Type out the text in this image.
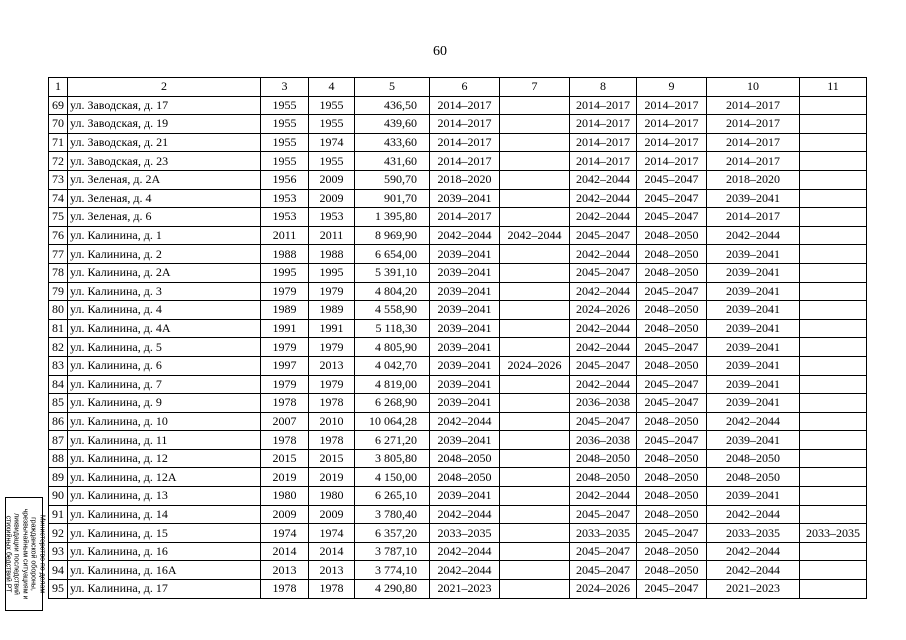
60
1	2	3	4	5	6	7	8	9	10	11
69	ул. Заводская, д. 17	1955	1955	436,50	2014–2017		2014–2017	2014–2017	2014–2017	
70	ул. Заводская, д. 19	1955	1955	439,60	2014–2017		2014–2017	2014–2017	2014–2017	
71	ул. Заводская, д. 21	1955	1974	433,60	2014–2017		2014–2017	2014–2017	2014–2017	
72	ул. Заводская, д. 23	1955	1955	431,60	2014–2017		2014–2017	2014–2017	2014–2017	
73	ул. Зеленая, д. 2А	1956	2009	590,70	2018–2020		2042–2044	2045–2047	2018–2020	
74	ул. Зеленая, д. 4	1953	2009	901,70	2039–2041		2042–2044	2045–2047	2039–2041	
75	ул. Зеленая, д. 6	1953	1953	1 395,80	2014–2017		2042–2044	2045–2047	2014–2017	
76	ул. Калинина, д. 1	2011	2011	8 969,90	2042–2044	2042–2044	2045–2047	2048–2050	2042–2044	
77	ул. Калинина, д. 2	1988	1988	6 654,00	2039–2041		2042–2044	2048–2050	2039–2041	
78	ул. Калинина, д. 2А	1995	1995	5 391,10	2039–2041		2045–2047	2048–2050	2039–2041	
79	ул. Калинина, д. 3	1979	1979	4 804,20	2039–2041		2042–2044	2045–2047	2039–2041	
80	ул. Калинина, д. 4	1989	1989	4 558,90	2039–2041		2024–2026	2048–2050	2039–2041	
81	ул. Калинина, д. 4А	1991	1991	5 118,30	2039–2041		2042–2044	2048–2050	2039–2041	
82	ул. Калинина, д. 5	1979	1979	4 805,90	2039–2041		2042–2044	2045–2047	2039–2041	
83	ул. Калинина, д. 6	1997	2013	4 042,70	2039–2041	2024–2026	2045–2047	2048–2050	2039–2041	
84	ул. Калинина, д. 7	1979	1979	4 819,00	2039–2041		2042–2044	2045–2047	2039–2041	
85	ул. Калинина, д. 9	1978	1978	6 268,90	2039–2041		2036–2038	2045–2047	2039–2041	
86	ул. Калинина, д. 10	2007	2010	10 064,28	2042–2044		2045–2047	2048–2050	2042–2044	
87	ул. Калинина, д. 11	1978	1978	6 271,20	2039–2041		2036–2038	2045–2047	2039–2041	
88	ул. Калинина, д. 12	2015	2015	3 805,80	2048–2050		2048–2050	2048–2050	2048–2050	
89	ул. Калинина, д. 12А	2019	2019	4 150,00	2048–2050		2048–2050	2048–2050	2048–2050	
90	ул. Калинина, д. 13	1980	1980	6 265,10	2039–2041		2042–2044	2048–2050	2039–2041	
91	ул. Калинина, д. 14	2009	2009	3 780,40	2042–2044		2045–2047	2048–2050	2042–2044	
92	ул. Калинина, д. 15	1974	1974	6 357,20	2033–2035		2033–2035	2045–2047	2033–2035	2033–2035
93	ул. Калинина, д. 16	2014	2014	3 787,10	2042–2044		2045–2047	2048–2050	2042–2044	
94	ул. Калинина, д. 16А	2013	2013	3 774,10	2042–2044		2045–2047	2048–2050	2042–2044	
95	ул. Калинина, д. 17	1978	1978	4 290,80	2021–2023		2024–2026	2045–2047	2021–2023	
Министерство по делам
гражданской обороны,
чрезвычайным ситуациям и
ликвидации последствий
стихийных бедствий РТ
